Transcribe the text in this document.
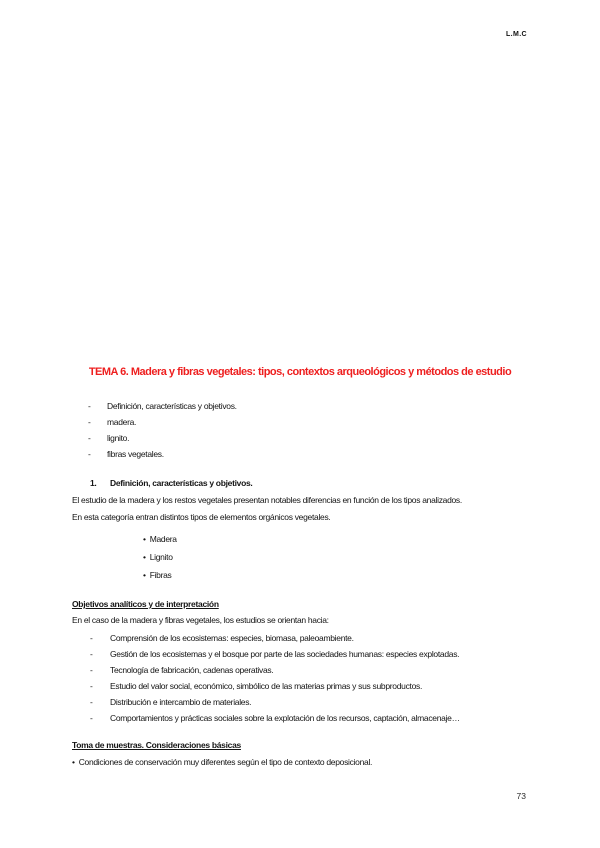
L.M.C
TEMA 6. Madera y fibras vegetales: tipos, contextos arqueológicos y métodos de estudio
-	Definición, características y objetivos.
-	madera.
-	lignito.
-	fibras vegetales.
1.	Definición, características y objetivos.
El estudio de la madera y los restos vegetales presentan notables diferencias en función de los tipos analizados.
En esta categoría entran distintos tipos de elementos orgánicos vegetales.
• Madera
• Lignito
• Fibras
Objetivos analíticos y de interpretación
En el caso de la madera y fibras vegetales, los estudios se orientan hacia:
-	Comprensión de los ecosistemas: especies, biomasa, paleoambiente.
-	Gestión de los ecosistemas y el bosque por parte de las sociedades humanas: especies explotadas.
-	Tecnología de fabricación, cadenas operativas.
-	Estudio del valor social, económico, simbólico de las materias primas y sus subproductos.
-	Distribución e intercambio de materiales.
-	Comportamientos y prácticas sociales sobre la explotación de los recursos, captación, almacenaje…
Toma de muestras. Consideraciones básicas
• Condiciones de conservación muy diferentes según el tipo de contexto deposicional.
73
